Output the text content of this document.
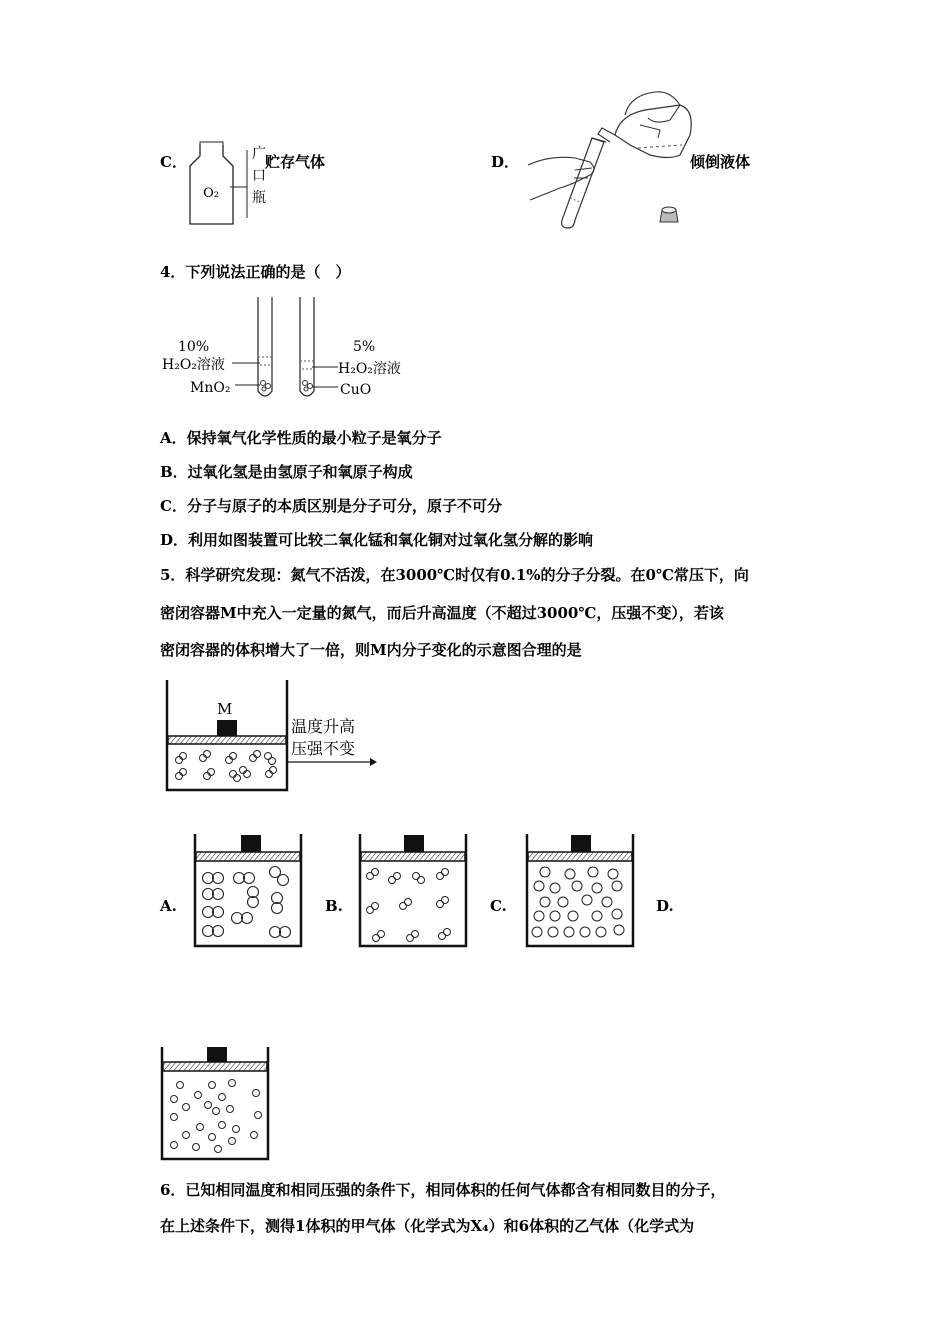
C．
O₂
广
口
瓶
贮存气体	D．	倾倒液体
4．下列说法正确的是（　）
10%
H₂O₂溶液
MnO₂
5%
H₂O₂溶液
CuO
A．保持氧气化学性质的最小粒子是氧分子
B．过氧化氢是由氢原子和氧原子构成
C．分子与原子的本质区别是分子可分，原子不可分
D．利用如图装置可比较二氧化锰和氧化铜对过氧化氢分解的影响
5．科学研究发现：氮气不活泼，在3000℃时仅有0.1%的分子分裂。在0℃常压下，向
密闭容器M中充入一定量的氮气，而后升高温度（不超过3000℃，压强不变），若该
密闭容器的体积增大了一倍，则M内分子变化的示意图合理的是
M
温度升高
压强不变
A.	B.	C.	D.
6．已知相同温度和相同压强的条件下，相同体积的任何气体都含有相同数目的分子，
在上述条件下，测得1体积的甲气体（化学式为X₄）和6体积的乙气体（化学式为
